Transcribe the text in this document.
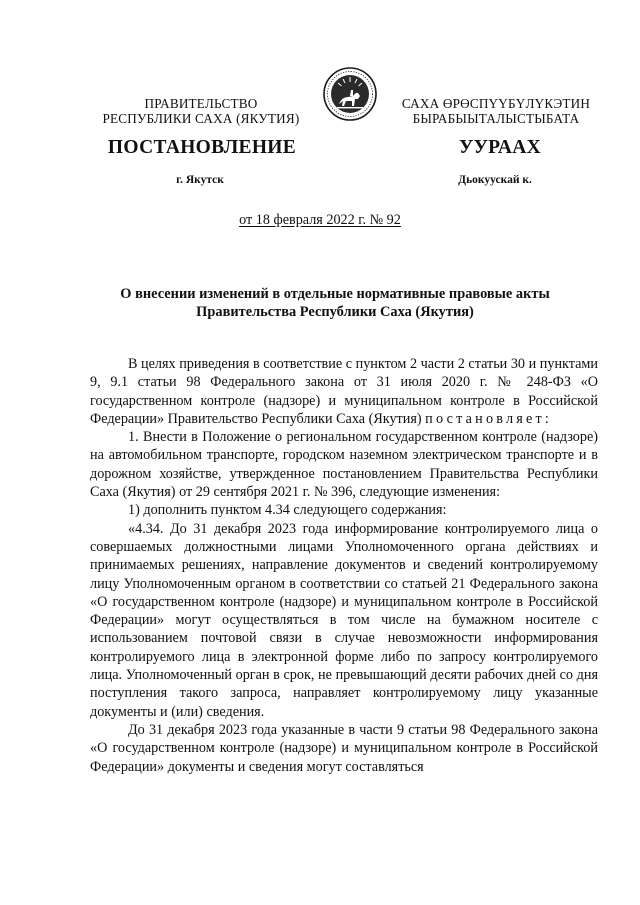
ПРАВИТЕЛЬСТВО
РЕСПУБЛИКИ САХА (ЯКУТИЯ)
САХА ӨРӨСПҮҮБҮЛҮКЭТИН
БЫРАБЫЫТАЛЫСТЫБАТА
ПОСТАНОВЛЕНИЕ	УУРААХ
г. Якутск	Дьокуускай к.
от 18 февраля 2022 г. № 92
О внесении изменений в отдельные нормативные правовые акты
Правительства Республики Саха (Якутия)

В целях приведения в соответствие с пунктом 2 части 2 статьи 30 и пунктами 9, 9.1 статьи 98 Федерального закона от 31 июля 2020 г. № 248-ФЗ «О государственном контроле (надзоре) и муниципальном контроле в Российской Федерации» Правительство Республики Саха (Якутия) постановляет:

1. Внести в Положение о региональном государственном контроле (надзоре) на автомобильном транспорте, городском наземном электрическом транспорте и в дорожном хозяйстве, утвержденное постановлением Правительства Республики Саха (Якутия) от 29 сентября 2021 г. № 396, следующие изменения:

1) дополнить пунктом 4.34 следующего содержания:

«4.34. До 31 декабря 2023 года информирование контролируемого лица о совершаемых должностными лицами Уполномоченного органа действиях и принимаемых решениях, направление документов и сведений контролируемому лицу Уполномоченным органом в соответствии со статьей 21 Федерального закона «О государственном контроле (надзоре) и муниципальном контроле в Российской Федерации» могут осуществляться в том числе на бумажном носителе с использованием почтовой связи в случае невозможности информирования контролируемого лица в электронной форме либо по запросу контролируемого лица. Уполномоченный орган в срок, не превышающий десяти рабочих дней со дня поступления такого запроса, направляет контролируемому лицу указанные документы и (или) сведения.

До 31 декабря 2023 года указанные в части 9 статьи 98 Федерального закона «О государственном контроле (надзоре) и муниципальном контроле в Российской Федерации» документы и сведения могут составляться
